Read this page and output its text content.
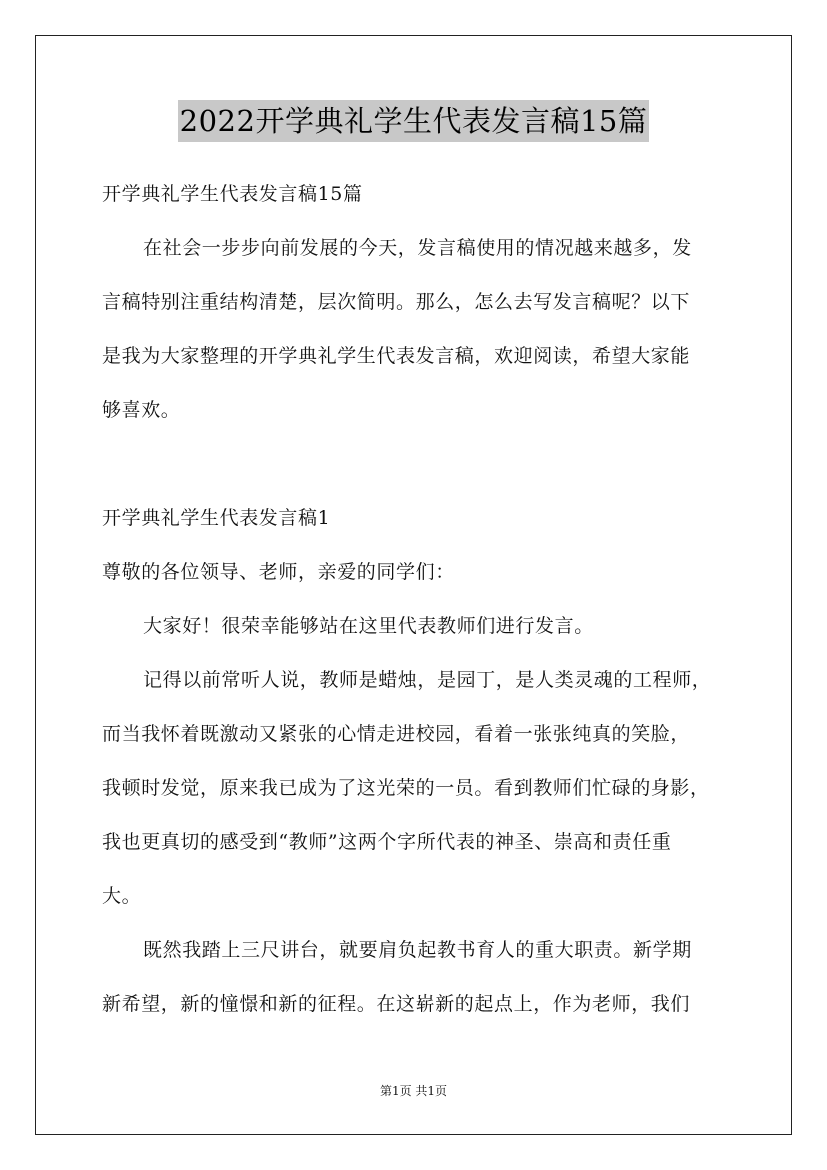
2022开学典礼学生代表发言稿15篇
开学典礼学生代表发言稿15篇
在社会一步步向前发展的今天，发言稿使用的情况越来越多，发
言稿特别注重结构清楚，层次简明。那么，怎么去写发言稿呢？以下
是我为大家整理的开学典礼学生代表发言稿，欢迎阅读，希望大家能
够喜欢。
开学典礼学生代表发言稿1
尊敬的各位领导、老师，亲爱的同学们：
大家好！很荣幸能够站在这里代表教师们进行发言。
记得以前常听人说，教师是蜡烛，是园丁，是人类灵魂的工程师，
而当我怀着既激动又紧张的心情走进校园，看着一张张纯真的笑脸，
我顿时发觉，原来我已成为了这光荣的一员。看到教师们忙碌的身影，
我也更真切的感受到“教师”这两个字所代表的神圣、崇高和责任重
大。
既然我踏上三尺讲台，就要肩负起教书育人的重大职责。新学期
新希望，新的憧憬和新的征程。在这崭新的起点上，作为老师，我们
第1页 共1页
